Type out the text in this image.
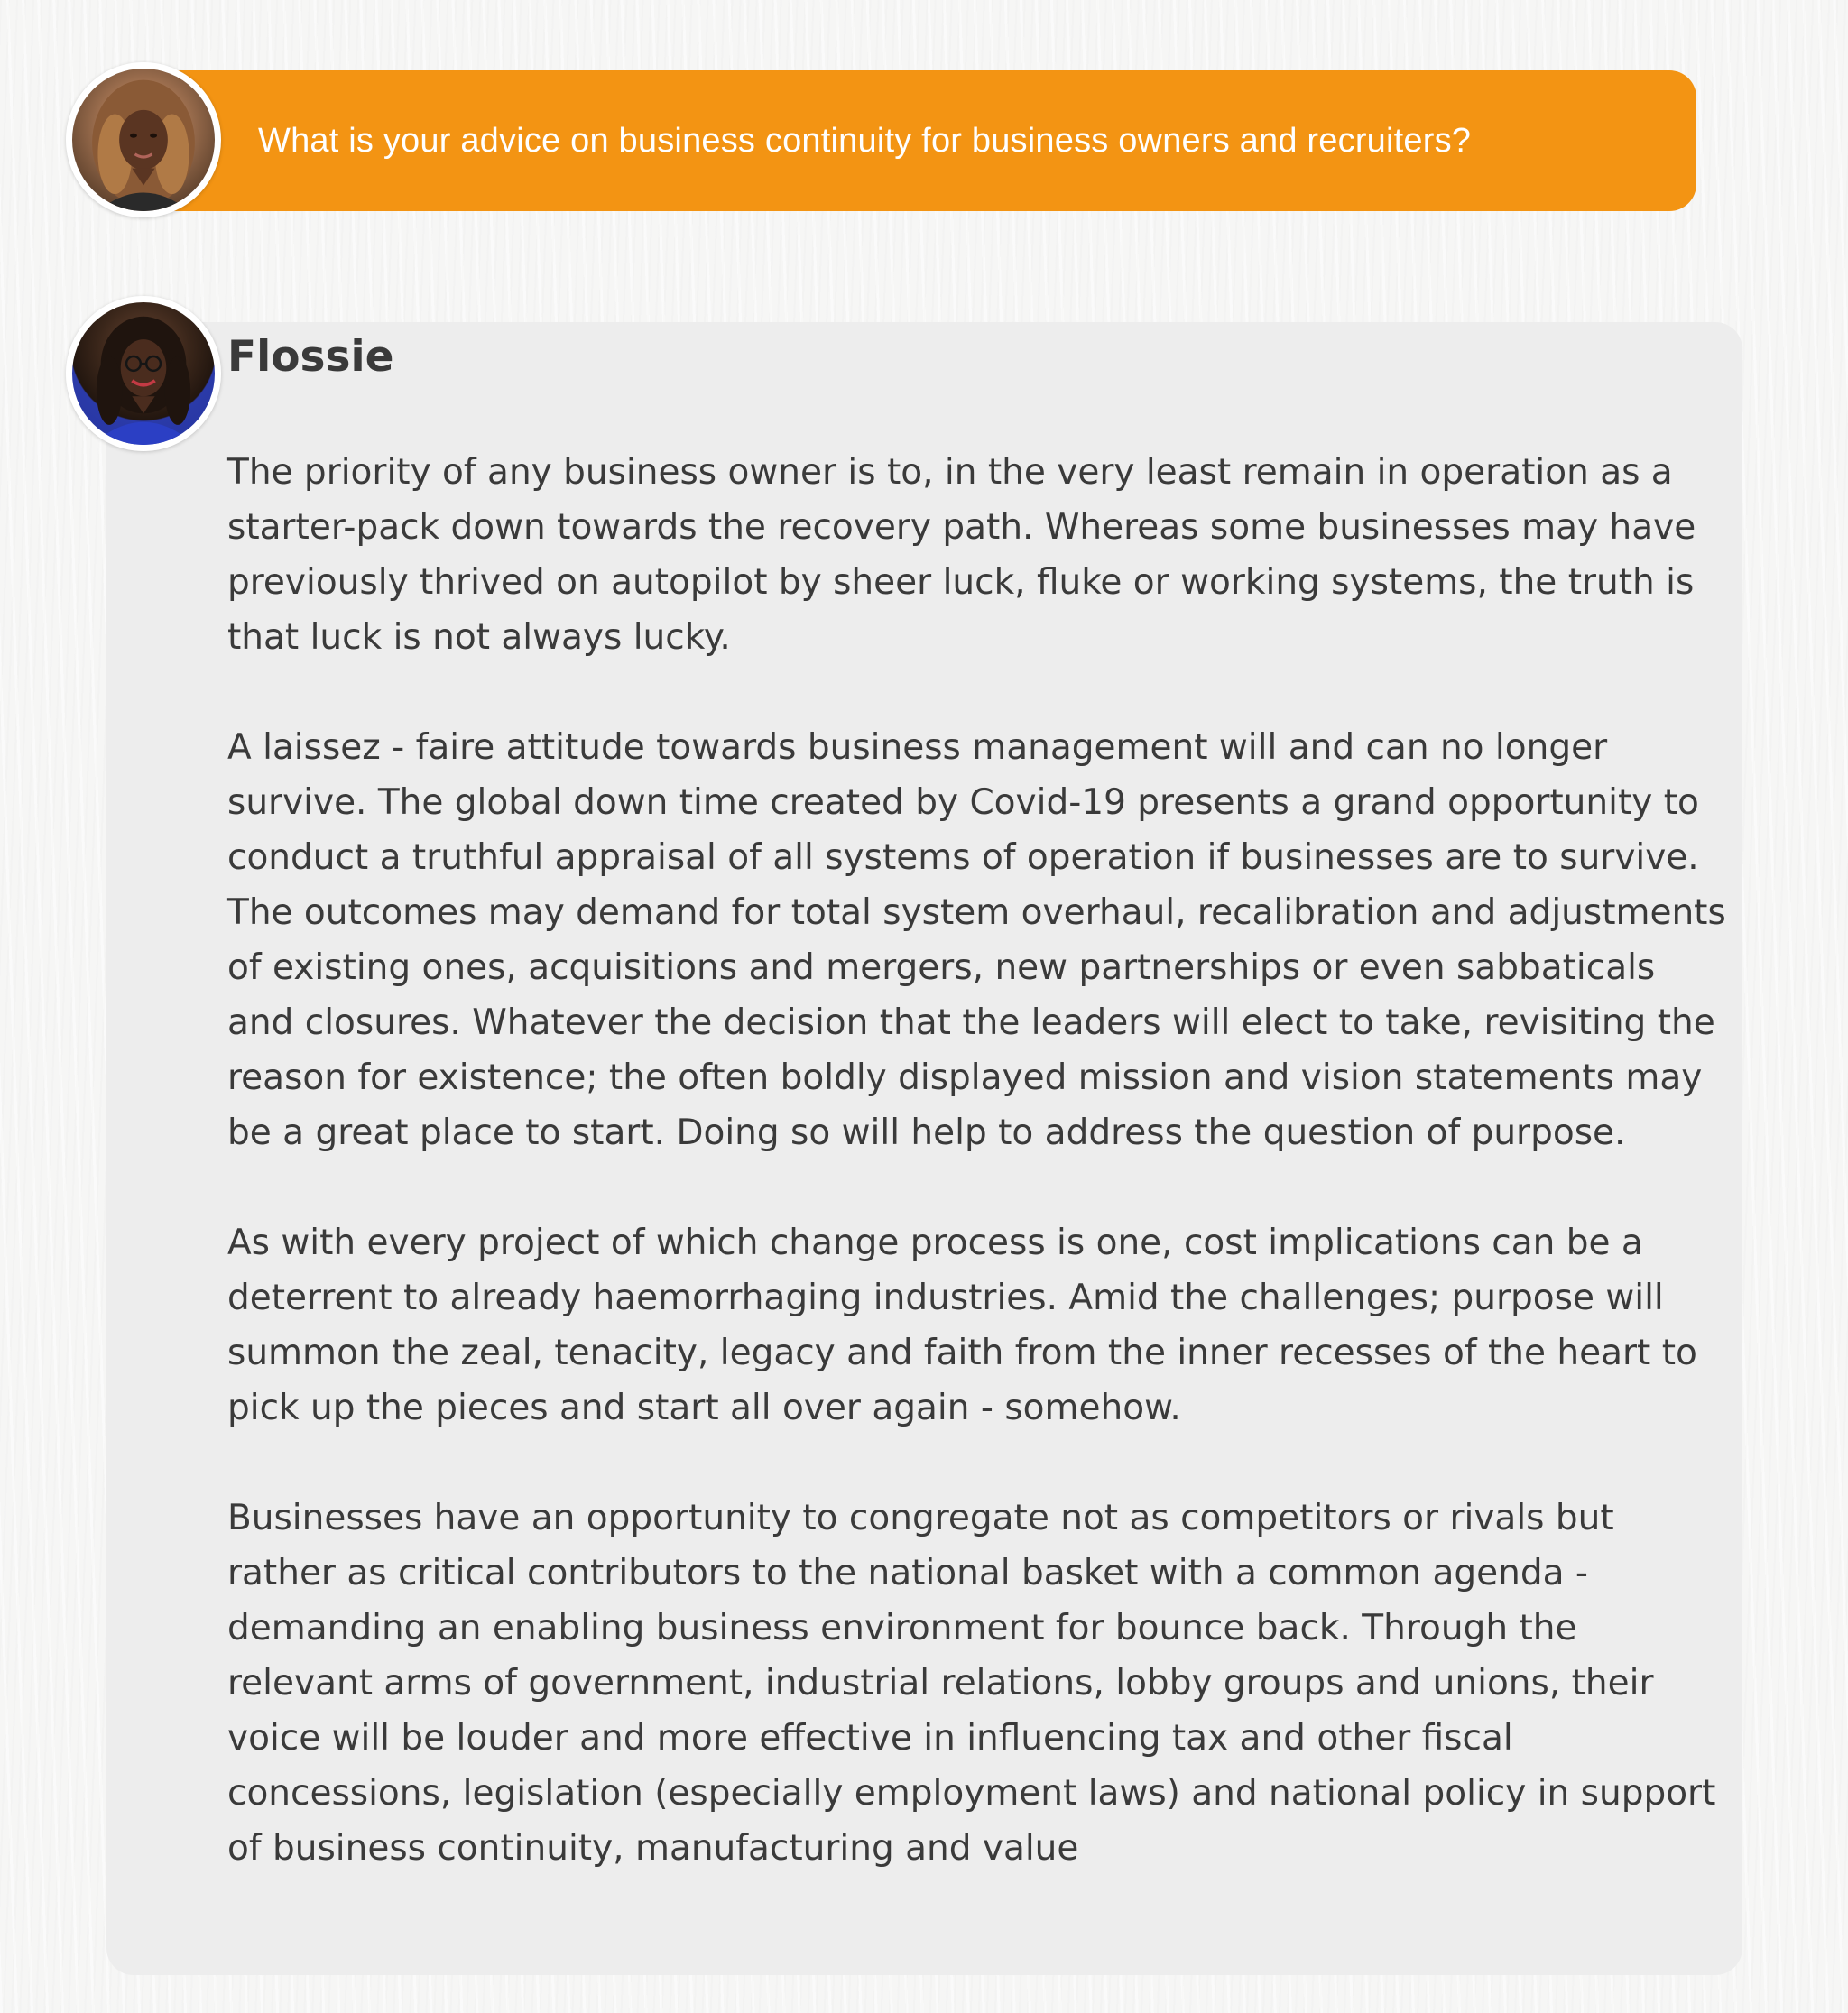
What is your advice on business continuity for business owners and recruiters?
Flossie

The priority of any business owner is to, in the very least remain in operation as a starter-pack down towards the recovery path. Whereas some businesses may have previously thrived on autopilot by sheer luck, fluke or working systems, the truth is that luck is not always lucky.

A laissez - faire attitude towards business management will and can no longer survive. The global down time created by Covid-19 presents a grand opportunity to conduct a truthful appraisal of all systems of operation if businesses are to survive. The outcomes may demand for total system overhaul, recalibration and adjustments of existing ones, acquisitions and mergers, new partnerships or even sabbaticals and closures. Whatever the decision that the leaders will elect to take, revisiting the reason for existence; the often boldly displayed mission and vision statements may be a great place to start. Doing so will help to address the question of purpose.

As with every project of which change process is one, cost implications can be a deterrent to already haemorrhaging industries. Amid the challenges; purpose will summon the zeal, tenacity, legacy and faith from the inner recesses of the heart to pick up the pieces and start all over again - somehow.

Businesses have an opportunity to congregate not as competitors or rivals but rather as critical contributors to the national basket with a common agenda - demanding an enabling business environment for bounce back. Through the relevant arms of government, industrial relations, lobby groups and unions, their voice will be louder and more effective in influencing tax and other fiscal concessions, legislation (especially employment laws) and national policy in support of business continuity, manufacturing and value
